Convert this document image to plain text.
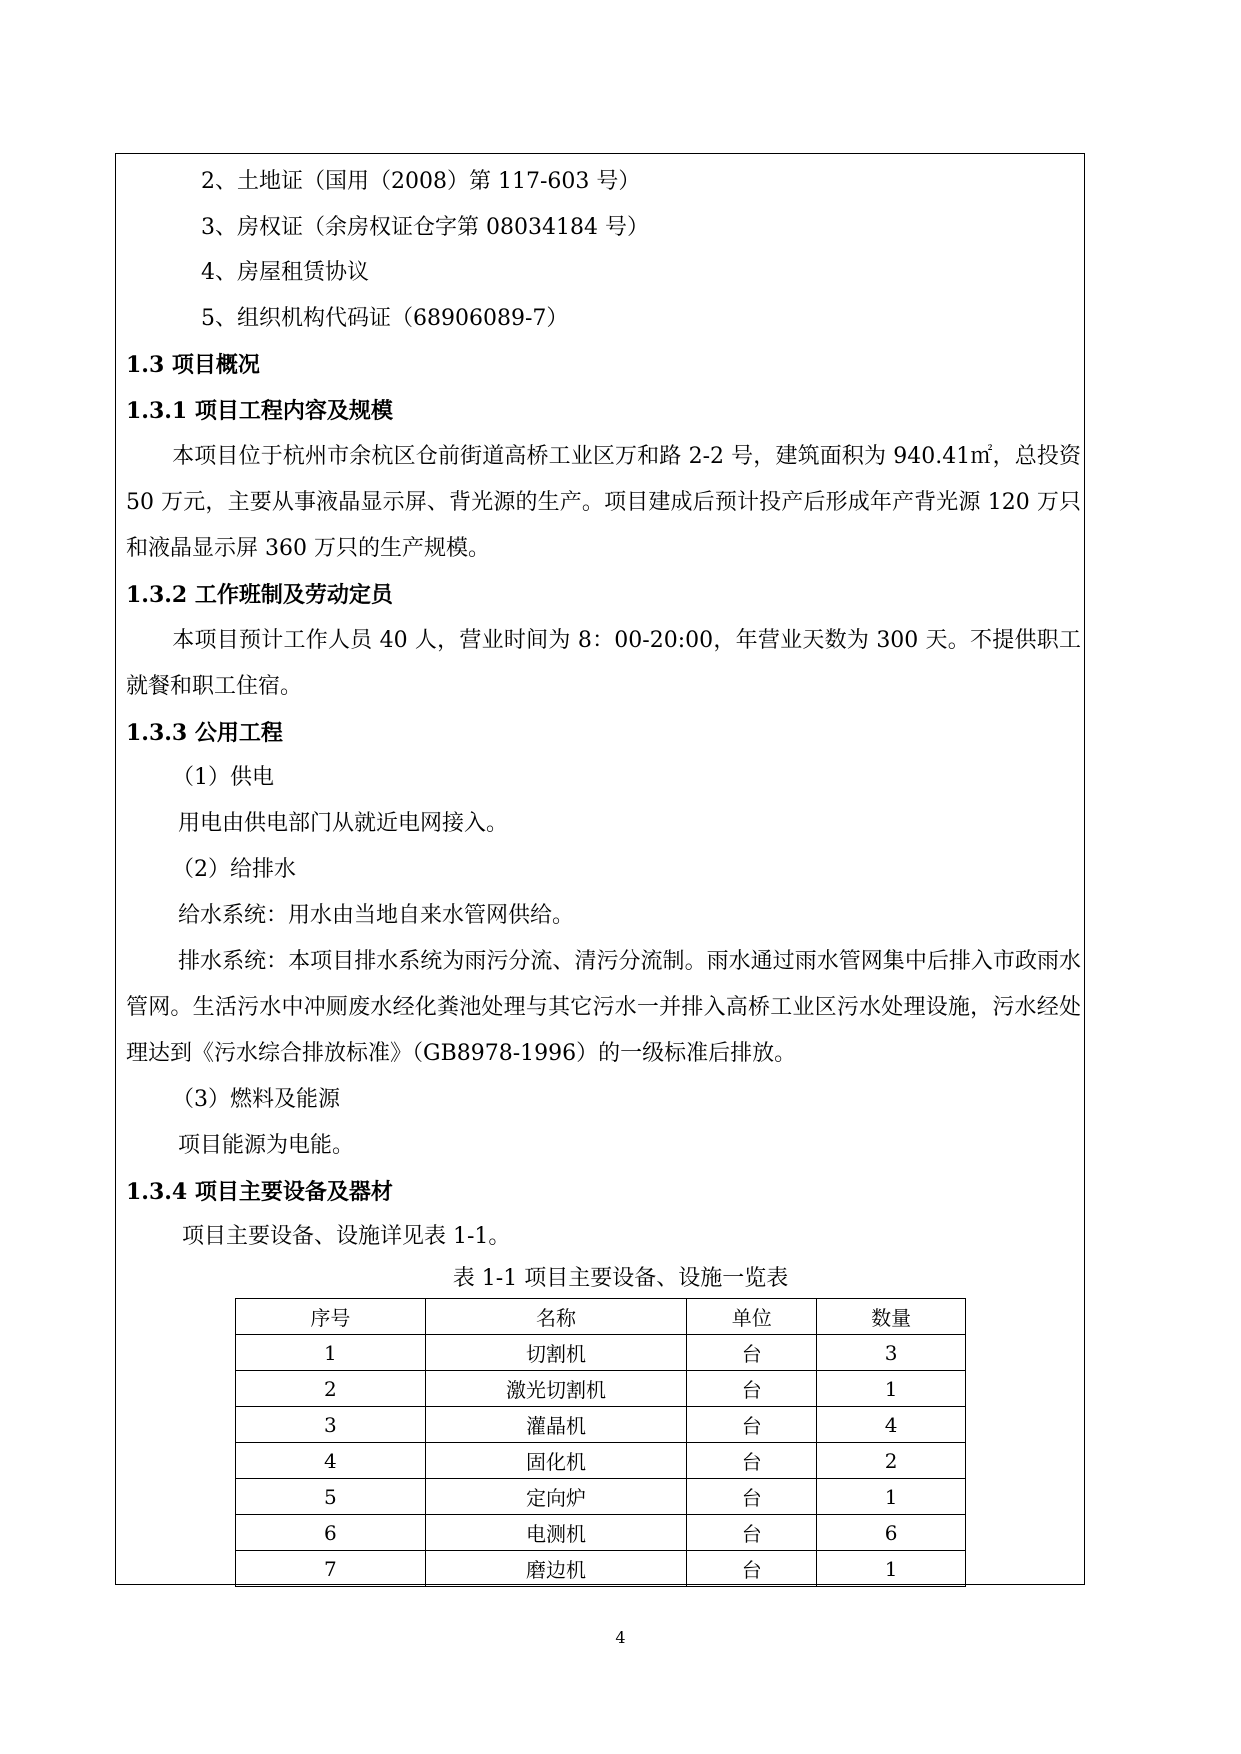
2、土地证（国用（2008）第 117-603 号）
3、房权证（余房权证仓字第 08034184 号）
4、房屋租赁协议
5、组织机构代码证（68906089-7）
1.3 项目概况
1.3.1 项目工程内容及规模
本项目位于杭州市余杭区仓前街道高桥工业区万和路 2-2 号，建筑面积为 940.41㎡，总投资 50 万元，主要从事液晶显示屏、背光源的生产。项目建成后预计投产后形成年产背光源 120 万只和液晶显示屏 360 万只的生产规模。
1.3.2 工作班制及劳动定员
本项目预计工作人员 40 人，营业时间为 8：00-20:00，年营业天数为 300 天。不提供职工就餐和职工住宿。
1.3.3 公用工程
（1）供电
用电由供电部门从就近电网接入。
（2）给排水
给水系统：用水由当地自来水管网供给。
排水系统：本项目排水系统为雨污分流、清污分流制。雨水通过雨水管网集中后排入市政雨水管网。生活污水中冲厕废水经化粪池处理与其它污水一并排入高桥工业区污水处理设施，污水经处理达到《污水综合排放标准》（GB8978-1996）的一级标准后排放。
（3）燃料及能源
项目能源为电能。
1.3.4 项目主要设备及器材
项目主要设备、设施详见表 1-1。
表 1-1 项目主要设备、设施一览表
序号	名称	单位	数量
1	切割机	台	3
2	激光切割机	台	1
3	灌晶机	台	4
4	固化机	台	2
5	定向炉	台	1
6	电测机	台	6
7	磨边机	台	1
4
